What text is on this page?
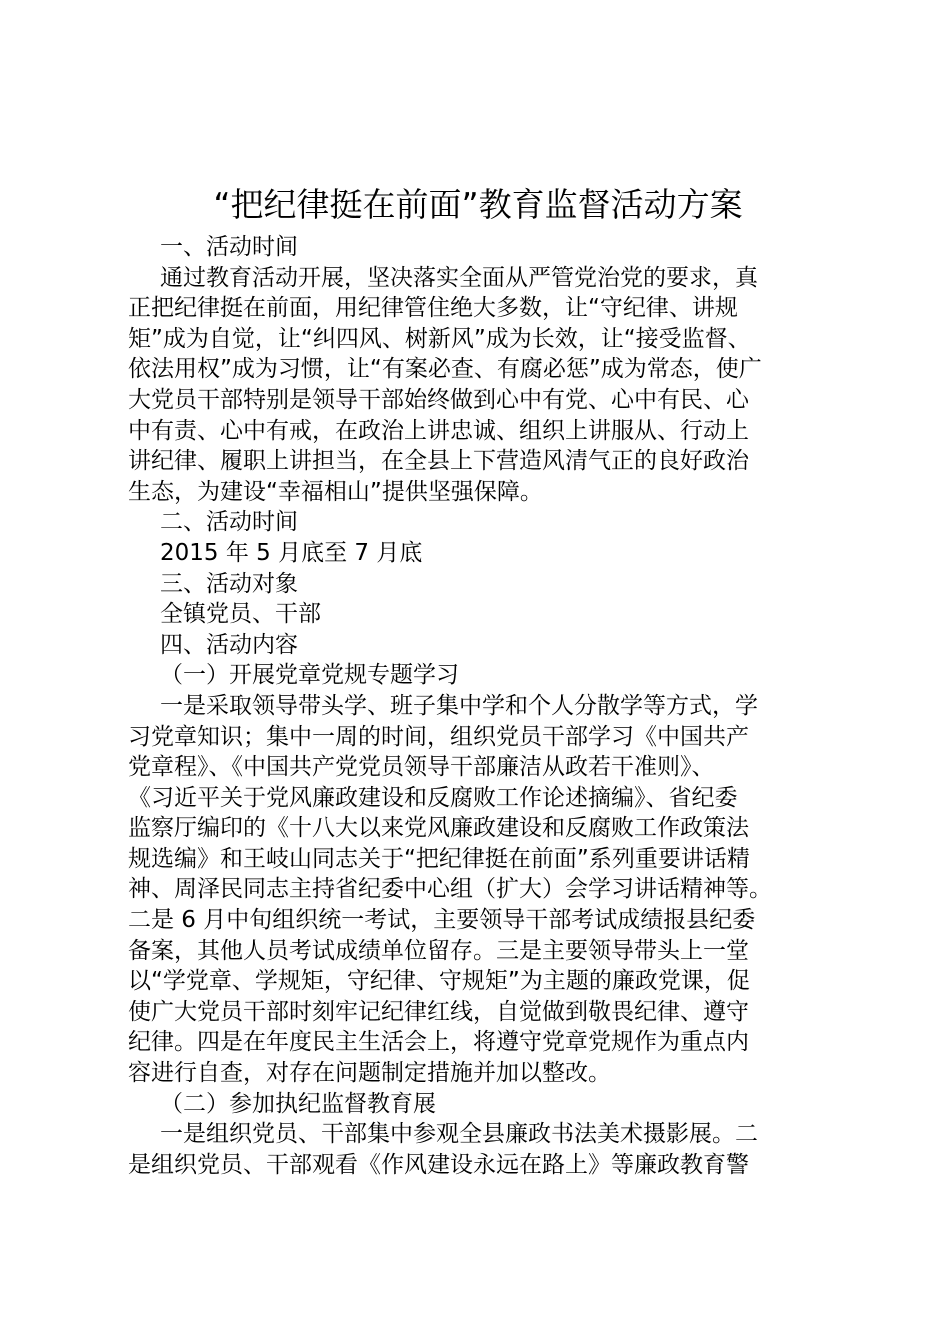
“把纪律挺在前面”教育监督活动方案
一、活动时间
通过教育活动开展，坚决落实全面从严管党治党的要求，真
正把纪律挺在前面，用纪律管住绝大多数，让“守纪律、讲规
矩”成为自觉，让“纠四风、树新风”成为长效，让“接受监督、
依法用权”成为习惯，让“有案必查、有腐必惩”成为常态，使广
大党员干部特别是领导干部始终做到心中有党、心中有民、心
中有责、心中有戒，在政治上讲忠诚、组织上讲服从、行动上
讲纪律、履职上讲担当，在全县上下营造风清气正的良好政治
生态，为建设“幸福相山”提供坚强保障。
二、活动时间
2015 年 5 月底至 7 月底
三、活动对象
全镇党员、干部
四、活动内容
（一）开展党章党规专题学习
一是采取领导带头学、班子集中学和个人分散学等方式，学
习党章知识；集中一周的时间，组织党员干部学习《中国共产
党章程》、《中国共产党党员领导干部廉洁从政若干准则》、
《习近平关于党风廉政建设和反腐败工作论述摘编》、省纪委
监察厅编印的《十八大以来党风廉政建设和反腐败工作政策法
规选编》和王岐山同志关于“把纪律挺在前面”系列重要讲话精
神、周泽民同志主持省纪委中心组（扩大）会学习讲话精神等。
二是 6 月中旬组织统一考试，主要领导干部考试成绩报县纪委
备案，其他人员考试成绩单位留存。三是主要领导带头上一堂
以“学党章、学规矩，守纪律、守规矩”为主题的廉政党课，促
使广大党员干部时刻牢记纪律红线，自觉做到敬畏纪律、遵守
纪律。四是在年度民主生活会上，将遵守党章党规作为重点内
容进行自查，对存在问题制定措施并加以整改。
（二）参加执纪监督教育展
一是组织党员、干部集中参观全县廉政书法美术摄影展。二
是组织党员、干部观看《作风建设永远在路上》等廉政教育警
